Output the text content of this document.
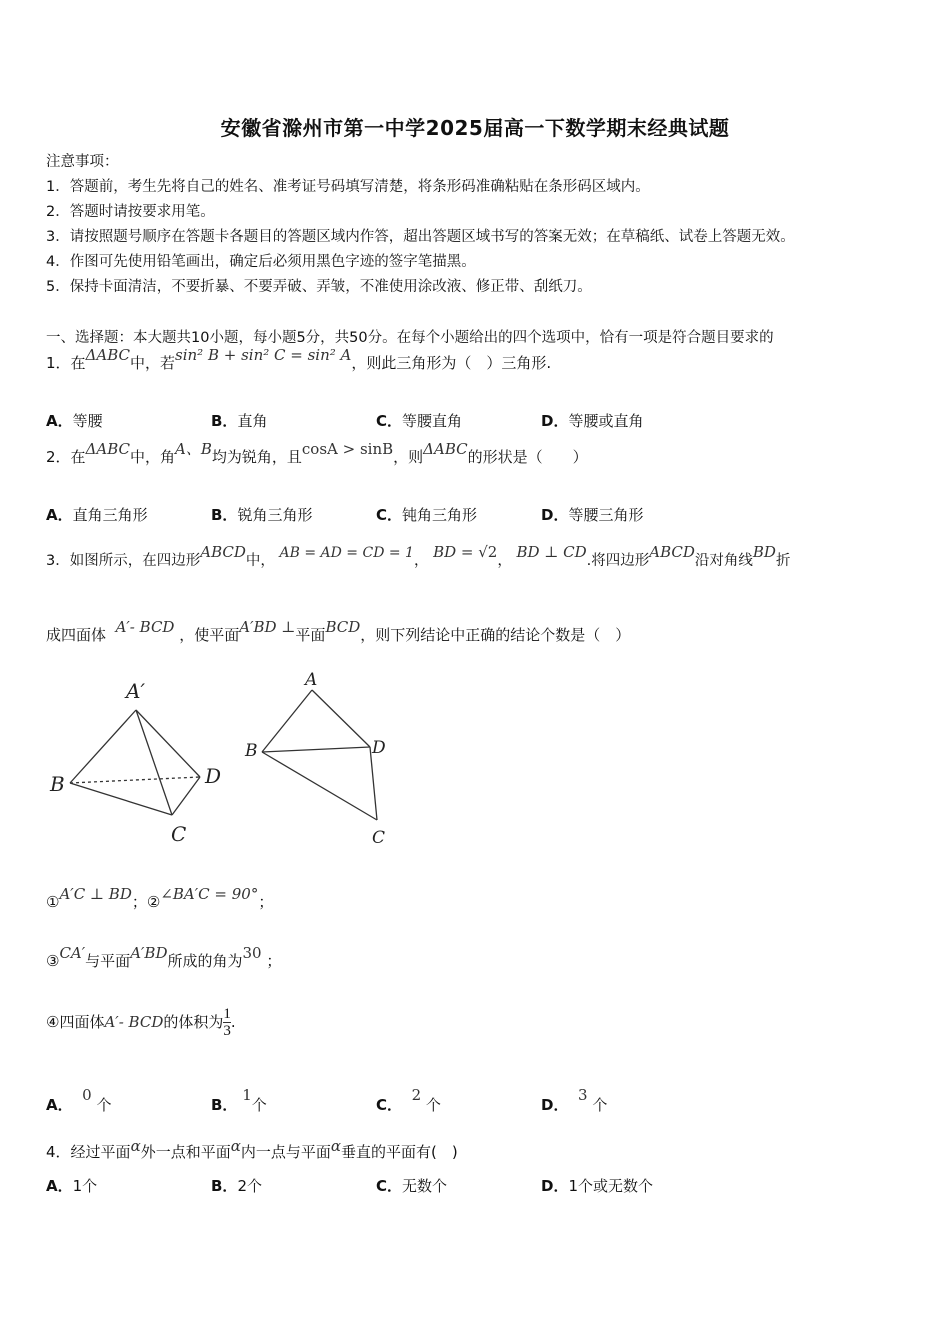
安徽省滁州市第一中学2025届高一下数学期末经典试题
注意事项：
1．答题前，考生先将自己的姓名、准考证号码填写清楚，将条形码准确粘贴在条形码区域内。
2．答题时请按要求用笔。
3．请按照题号顺序在答题卡各题目的答题区域内作答，超出答题区域书写的答案无效；在草稿纸、试卷上答题无效。
4．作图可先使用铅笔画出，确定后必须用黑色字迹的签字笔描黑。
5．保持卡面清洁，不要折暴、不要弄破、弄皱，不准使用涂改液、修正带、刮纸刀。
一、选择题：本大题共10小题，每小题5分，共50分。在每个小题给出的四个选项中，恰有一项是符合题目要求的
1．在ΔABC中，若sin² B + sin² C = sin² A，则此三角形为（　）三角形.
A．等腰	B．直角	C．等腰直角	D．等腰或直角
2．在ΔABC中，角A、B均为锐角，且cosA > sinB，则ΔABC的形状是（　　）
A．直角三角形	B．锐角三角形	C．钝角三角形	D．等腰三角形
3．如图所示，在四边形ABCD中， AB = AD = CD = 1， BD = √2， BD ⊥ CD.将四边形ABCD沿对角线BD折
成四面体 A′- BCD ，使平面A′BD ⊥平面BCD，则下列结论中正确的结论个数是（　）
A′
B	D
C
A
B	D
C
①A′C ⊥ BD；②∠BA′C = 90°；
③CA′与平面A′BD所成的角为30 ；
④四面体A′- BCD的体积为 $\frac{1}{3}$ .
A．  0 个	B． 1个	C．  2 个	D．  3 个
4．经过平面α外一点和平面α内一点与平面α垂直的平面有(　)
A．1个	B．2个	C．无数个	D．1个或无数个
